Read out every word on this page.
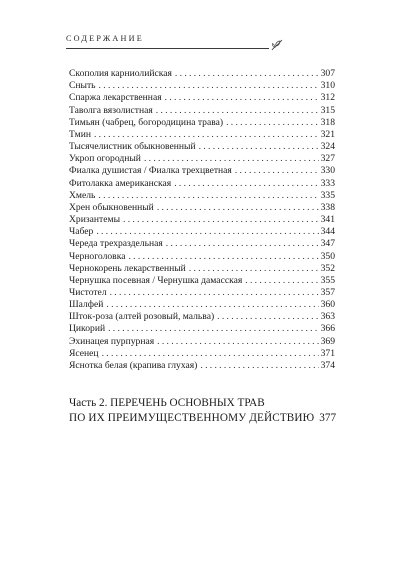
СОДЕРЖАНИЕ
Скополия карниолийская .....	307
Сныть .....	310
Спаржа лекарственная .....	312
Таволга вязолистная .....	315
Тимьян (чабрец, богородицина трава) .....	318
Тмин .....	321
Тысячелистник обыкновенный .....	324
Укроп огородный .....	327
Фиалка душистая / Фиалка трехцветная .....	330
Фитолакка американская .....	333
Хмель .....	335
Хрен обыкновенный .....	338
Хризантемы .....	341
Чабер .....	344
Череда трехраздельная .....	347
Черноголовка .....	350
Чернокорень лекарственный .....	352
Чернушка посевная / Чернушка дамасская .....	355
Чистотел .....	357
Шалфей .....	360
Шток-роза (алтей розовый, мальва) .....	363
Цикорий .....	366
Эхинацея пурпурная .....	369
Ясенец .....	371
Яснотка белая (крапива глухая) .....	374
Часть 2. ПЕРЕЧЕНЬ ОСНОВНЫХ ТРАВ
ПО ИХ ПРЕИМУЩЕСТВЕННОМУ ДЕЙСТВИЮ 377
